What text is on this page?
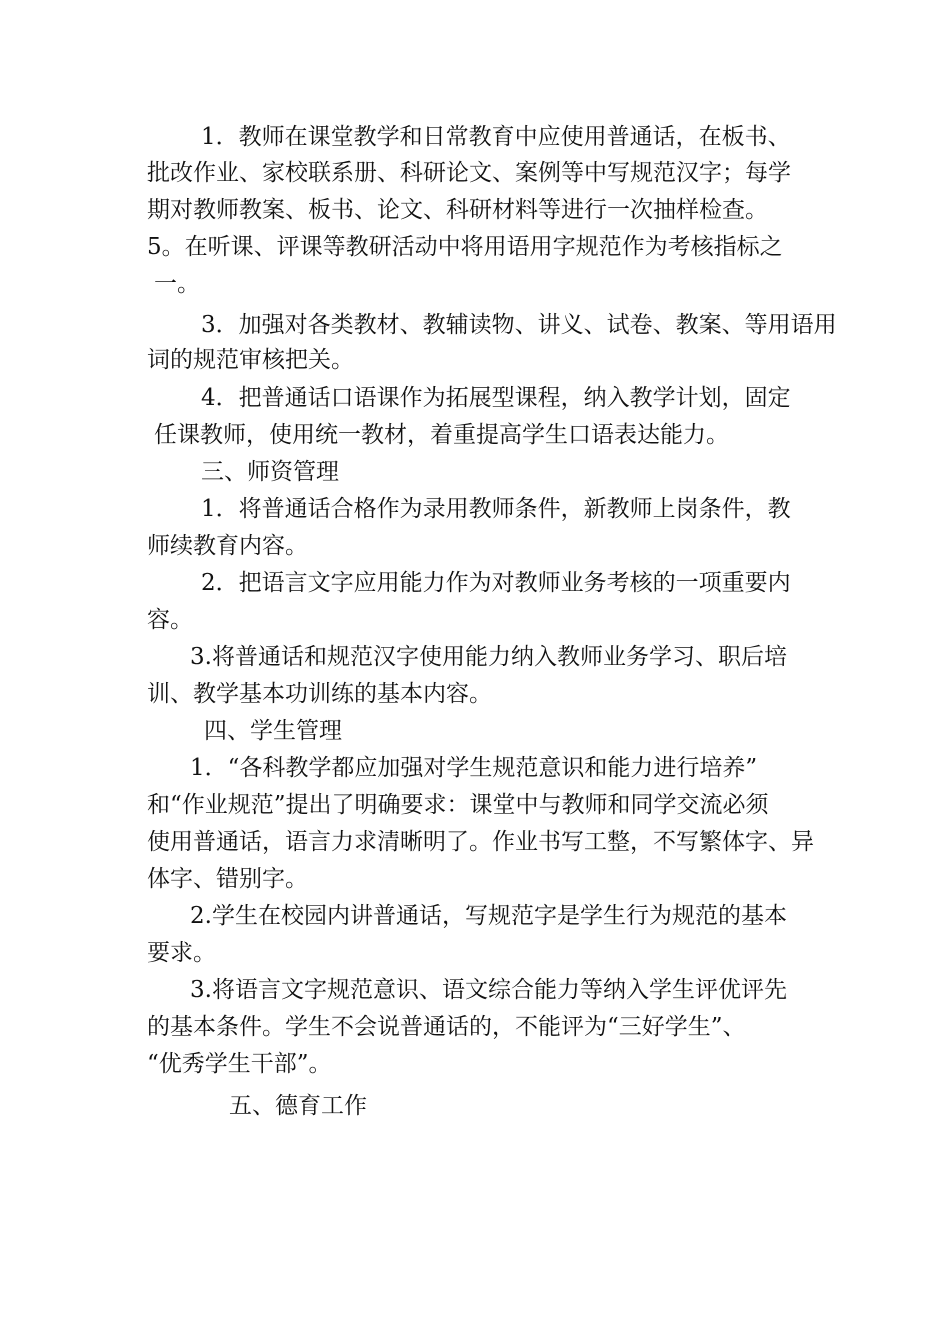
1．教师在课堂教学和日常教育中应使用普通话，在板书、
批改作业、家校联系册、科研论文、案例等中写规范汉字；每学
期对教师教案、板书、论文、科研材料等进行一次抽样检查。
5。在听课、评课等教研活动中将用语用字规范作为考核指标之
一。
3．加强对各类教材、教辅读物、讲义、试卷、教案、等用语用
词的规范审核把关。
4．把普通话口语课作为拓展型课程，纳入教学计划，固定
任课教师，使用统一教材，着重提高学生口语表达能力。
三、师资管理
1．将普通话合格作为录用教师条件，新教师上岗条件，教
师续教育内容。
2．把语言文字应用能力作为对教师业务考核的一项重要内
容。
3.将普通话和规范汉字使用能力纳入教师业务学习、职后培
训、教学基本功训练的基本内容。
四、学生管理
1．“各科教学都应加强对学生规范意识和能力进行培养”
和“作业规范”提出了明确要求：课堂中与教师和同学交流必须
使用普通话，语言力求清晰明了。作业书写工整，不写繁体字、异
体字、错别字。
2.学生在校园内讲普通话，写规范字是学生行为规范的基本
要求。
3.将语言文字规范意识、语文综合能力等纳入学生评优评先
的基本条件。学生不会说普通话的，不能评为“三好学生”、
“优秀学生干部”。
五、德育工作
